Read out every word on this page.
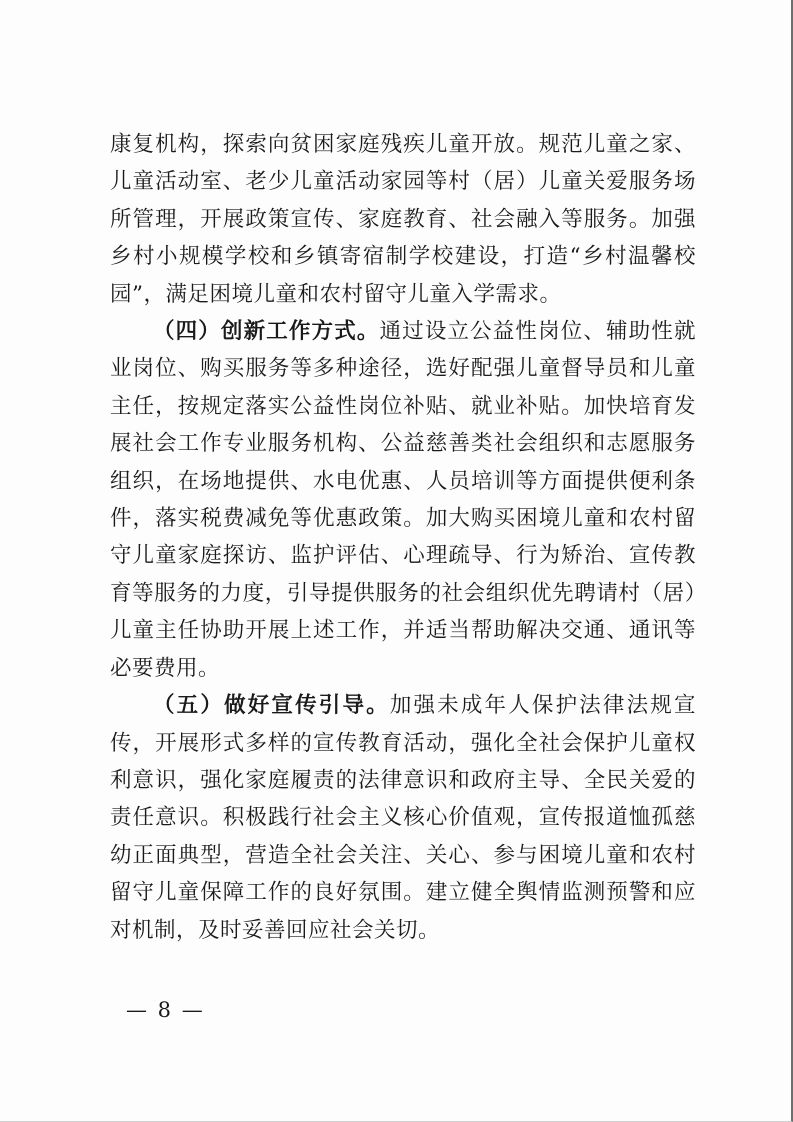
康复机构，探索向贫困家庭残疾儿童开放。规范儿童之家、儿童活动室、老少儿童活动家园等村（居）儿童关爱服务场所管理，开展政策宣传、家庭教育、社会融入等服务。加强乡村小规模学校和乡镇寄宿制学校建设，打造“乡村温馨校园”，满足困境儿童和农村留守儿童入学需求。

（四）创新工作方式。通过设立公益性岗位、辅助性就业岗位、购买服务等多种途径，选好配强儿童督导员和儿童主任，按规定落实公益性岗位补贴、就业补贴。加快培育发展社会工作专业服务机构、公益慈善类社会组织和志愿服务组织，在场地提供、水电优惠、人员培训等方面提供便利条件，落实税费减免等优惠政策。加大购买困境儿童和农村留守儿童家庭探访、监护评估、心理疏导、行为矫治、宣传教育等服务的力度，引导提供服务的社会组织优先聘请村（居）儿童主任协助开展上述工作，并适当帮助解决交通、通讯等必要费用。

（五）做好宣传引导。加强未成年人保护法律法规宣传，开展形式多样的宣传教育活动，强化全社会保护儿童权利意识，强化家庭履责的法律意识和政府主导、全民关爱的责任意识。积极践行社会主义核心价值观，宣传报道恤孤慈幼正面典型，营造全社会关注、关心、参与困境儿童和农村留守儿童保障工作的良好氛围。建立健全舆情监测预警和应对机制，及时妥善回应社会关切。

— 8 —
